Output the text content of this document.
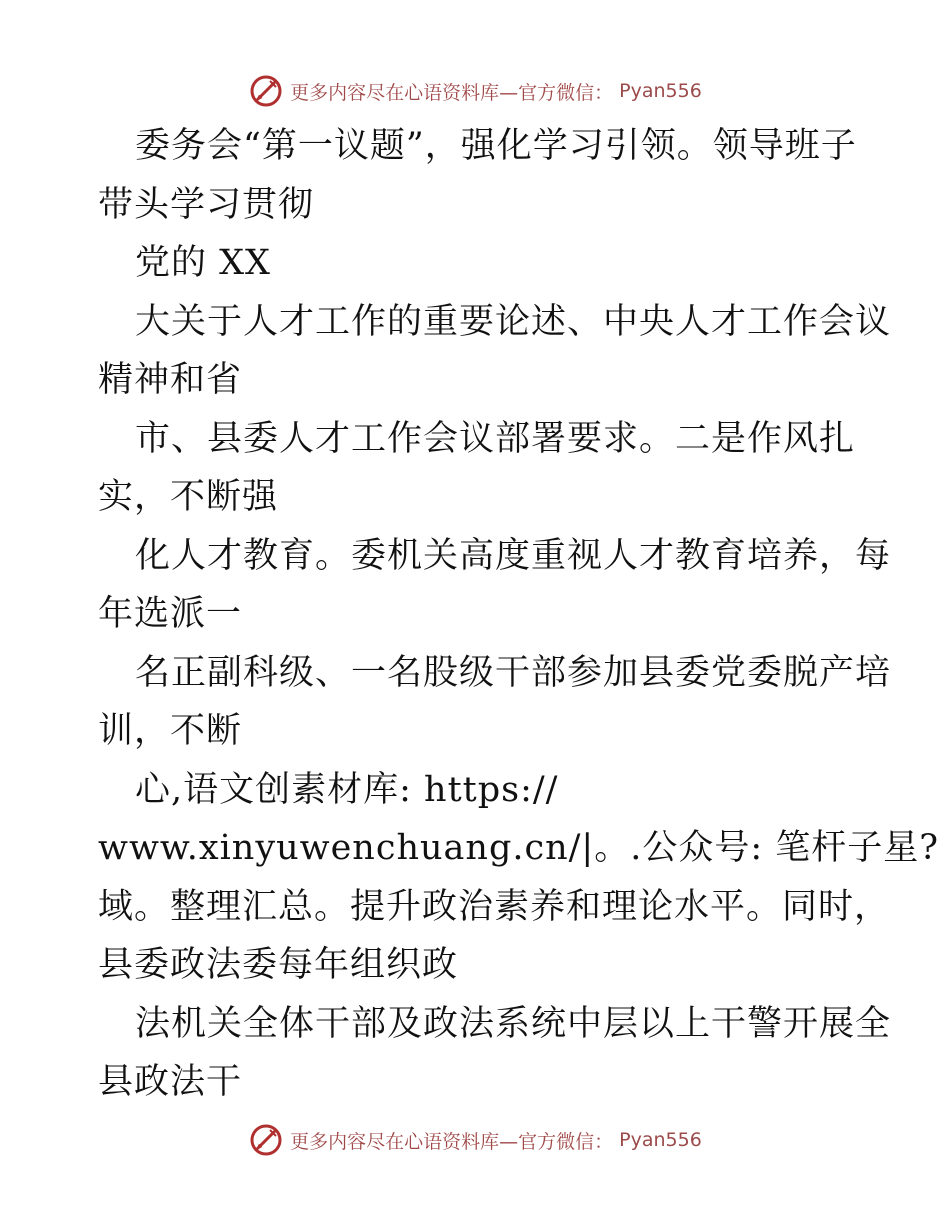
更多内容尽在心语资料库—官方微信： Pyan556
委务会“第一议题”，强化学习引领。领导班子
带头学习贯彻
党的 XX
大关于人才工作的重要论述、中央人才工作会议
精神和省
市、县委人才工作会议部署要求。二是作风扎
实，不断强
化人才教育。委机关高度重视人才教育培养，每
年选派一
名正副科级、一名股级干部参加县委党委脱产培
训，不断
心,语文创素材库: https://
www.xinyuwenchuang.cn/|。.公众号: 笔杆子星?
域。整理汇总。提升政治素养和理论水平。同时，
县委政法委每年组织政
法机关全体干部及政法系统中层以上干警开展全
县政法干
更多内容尽在心语资料库—官方微信： Pyan556
